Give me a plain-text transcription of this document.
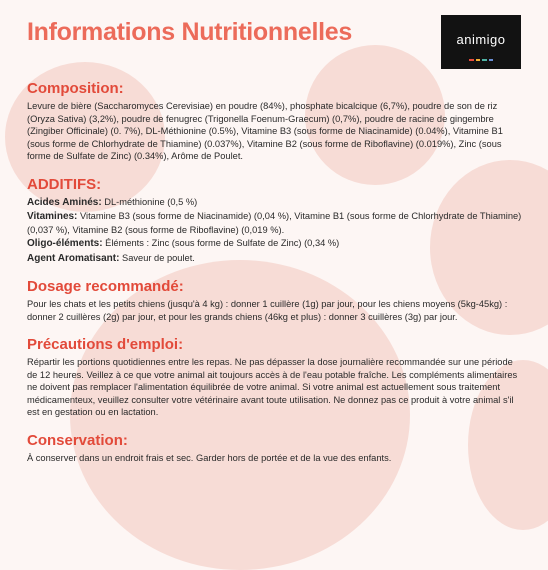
Informations Nutritionnelles	animigo
Composition:
Levure de bière (Saccharomyces Cerevisiae) en poudre (84%), phosphate bicalcique (6,7%), poudre de son de riz (Oryza Sativa) (3,2%), poudre de fenugrec (Trigonella Foenum-Graecum) (0,7%), poudre de racine de gingembre (Zingiber Officinale) (0. 7%), DL-Méthionine (0.5%), Vitamine B3 (sous forme de Niacinamide) (0.04%), Vitamine B1 (sous forme de Chlorhydrate de Thiamine) (0.037%), Vitamine B2 (sous forme de Riboflavine) (0.019%), Zinc (sous forme de Sulfate de Zinc) (0.34%), Arôme de Poulet.
ADDITIFS:
Acides Aminés: DL-méthionine (0,5 %)
Vitamines: Vitamine B3 (sous forme de Niacinamide) (0,04 %), Vitamine B1 (sous forme de Chlorhydrate de Thiamine) (0,037 %), Vitamine B2 (sous forme de Riboflavine) (0,019 %).
Oligo-éléments: Éléments : Zinc (sous forme de Sulfate de Zinc) (0,34 %)
Agent Aromatisant: Saveur de poulet.
Dosage recommandé:
Pour les chats et les petits chiens (jusqu'à 4 kg) : donner 1 cuillère (1g) par jour, pour les chiens moyens (5kg-45kg) : donner 2 cuillères (2g) par jour, et pour les grands chiens (46kg et plus) : donner 3 cuillères (3g) par jour.
Précautions d'emploi:
Répartir les portions quotidiennes entre les repas. Ne pas dépasser la dose journalière recommandée sur une période de 12 heures. Veillez à ce que votre animal ait toujours accès à de l'eau potable fraîche. Les compléments alimentaires ne doivent pas remplacer l'alimentation équilibrée de votre animal. Si votre animal est actuellement sous traitement médicamenteux, veuillez consulter votre vétérinaire avant toute utilisation. Ne donnez pas ce produit à votre animal s'il est en gestation ou en lactation.
Conservation:
À conserver dans un endroit frais et sec. Garder hors de portée et de la vue des enfants.
